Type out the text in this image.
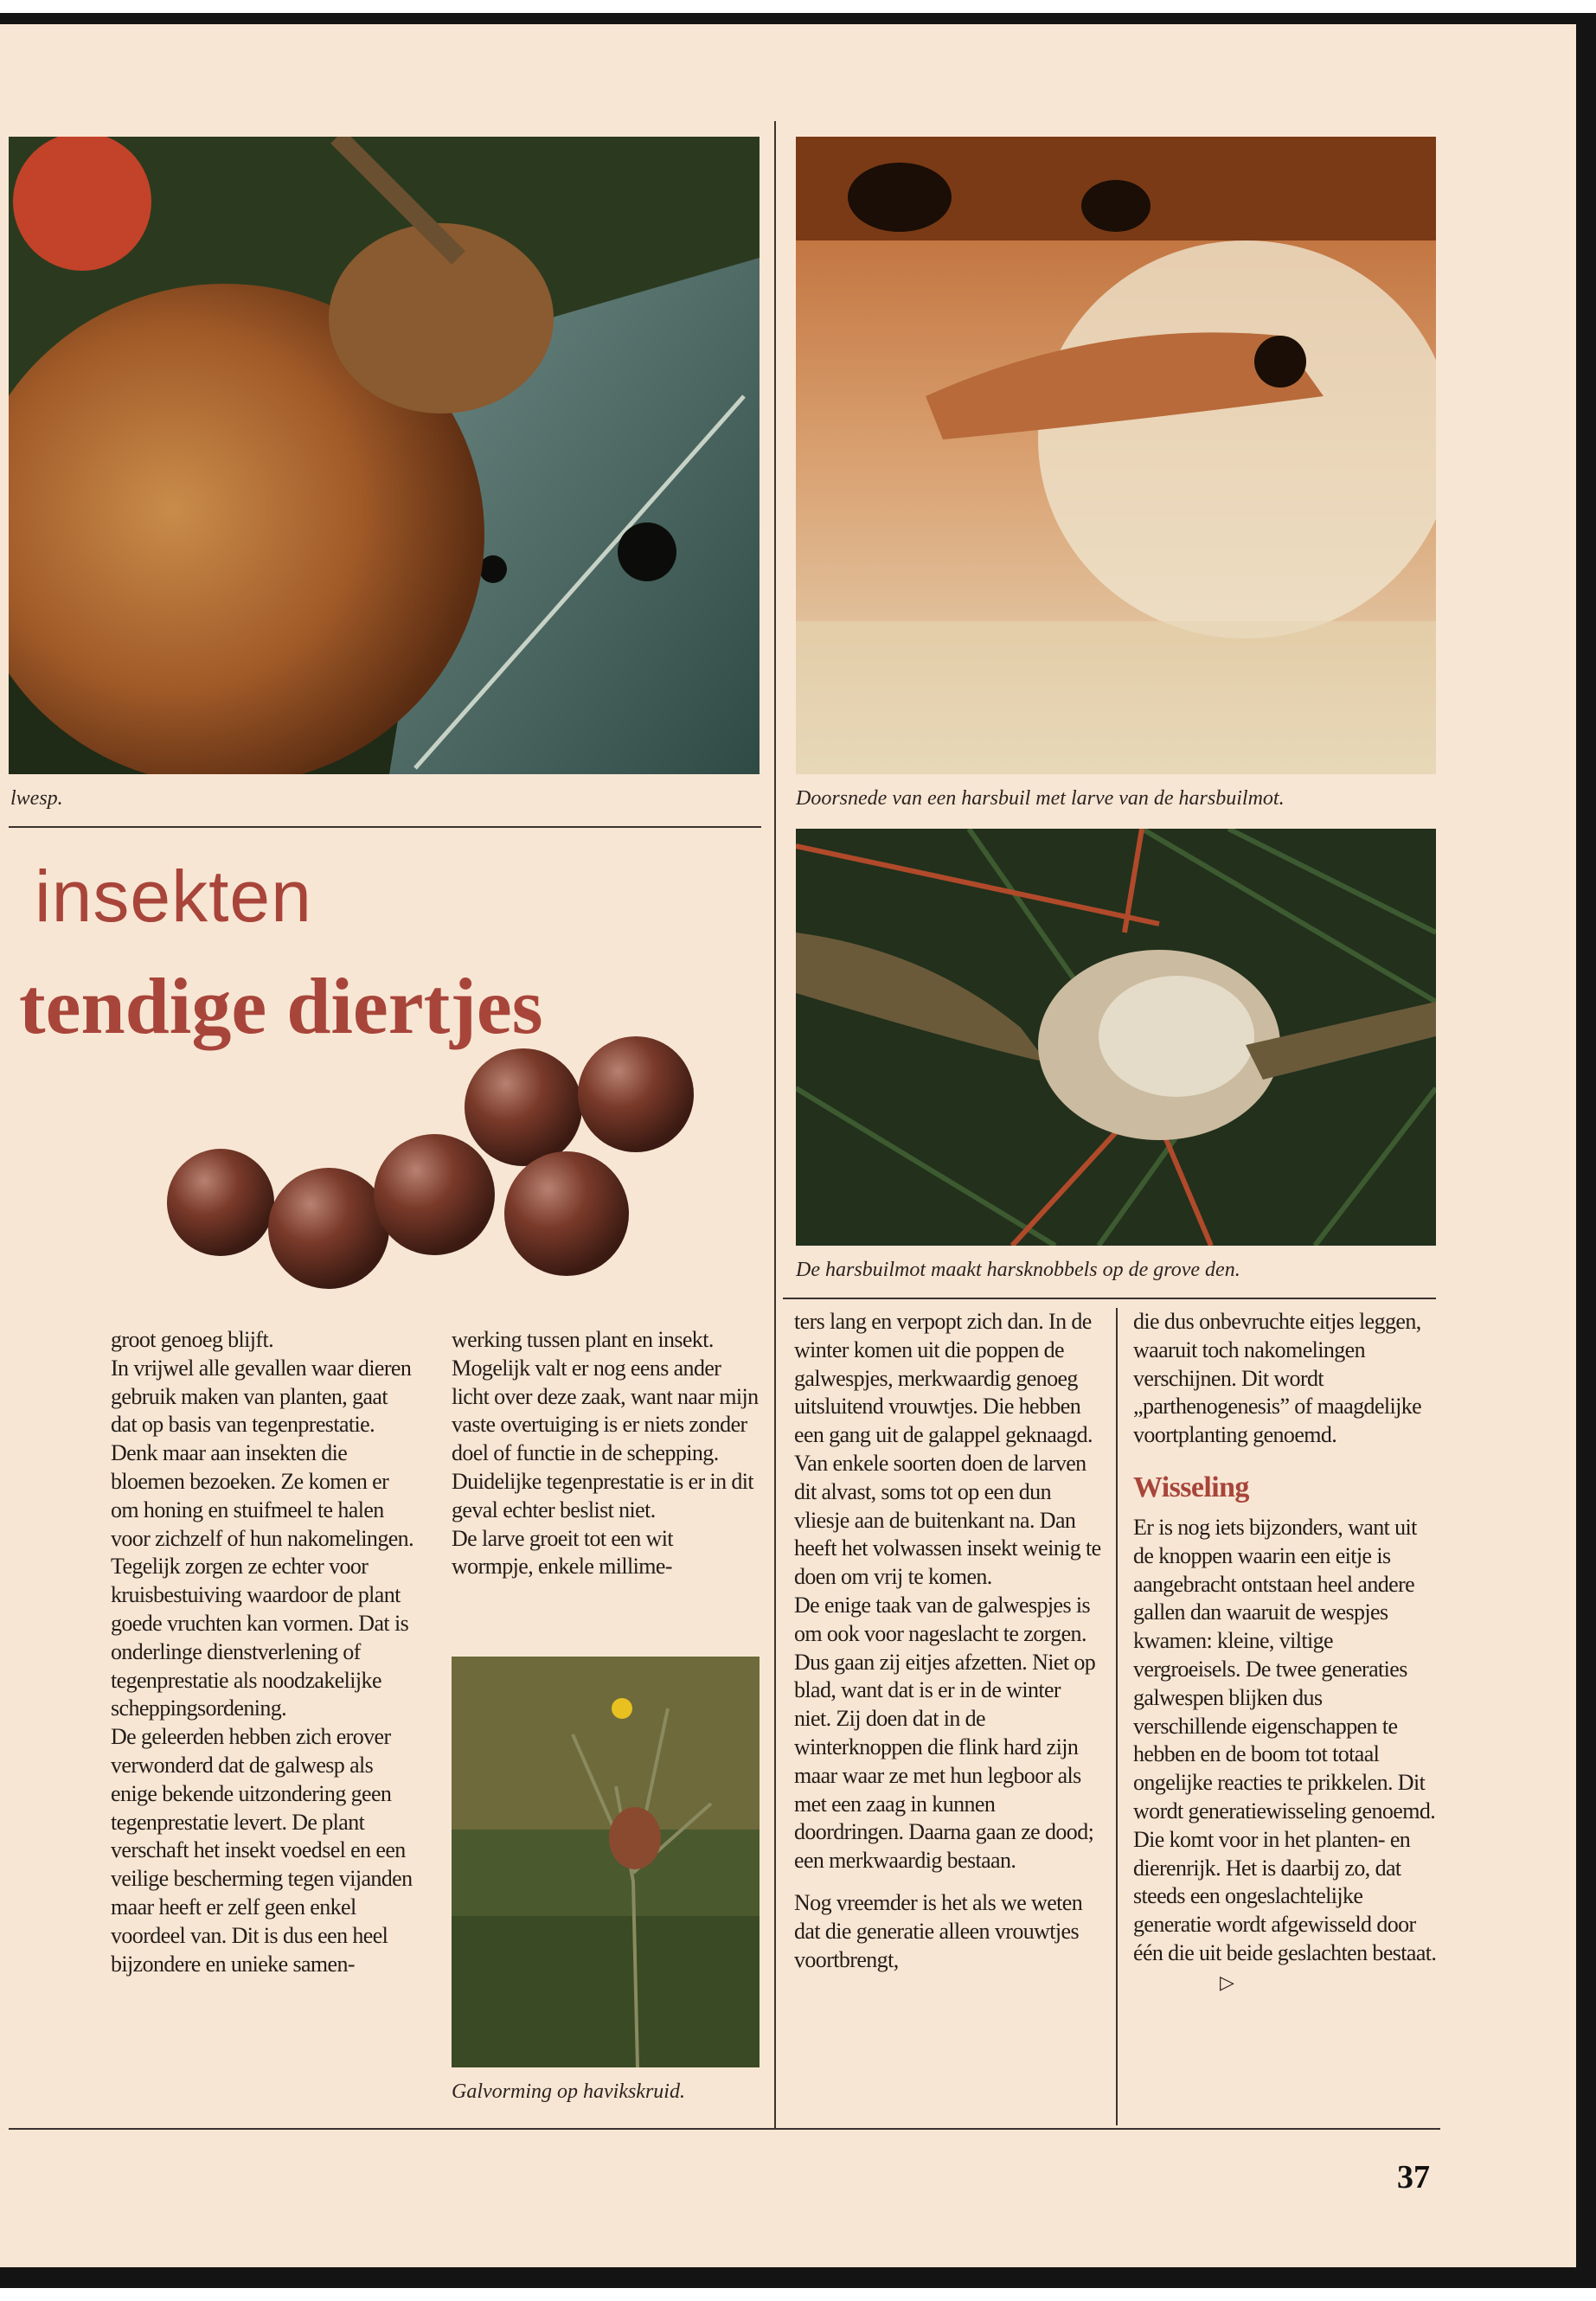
lwesp.	Doorsnede van een harsbuil met larve van de harsbuilmot.
De harsbuilmot maakt harsknobbels op de grove den.
insekten
tendige diertjes

groot genoeg blijft.

In vrijwel alle gevallen waar dieren gebruik maken van planten, gaat dat op basis van tegenprestatie. Denk maar aan insekten die bloemen bezoeken. Ze komen er om honing en stuifmeel te halen voor zichzelf of hun nakomelingen. Tegelijk zorgen ze echter voor kruisbestuiving waardoor de plant goede vruchten kan vormen. Dat is onderlinge dienstverlening of tegenprestatie als noodzakelijke scheppingsordening.

De geleerden hebben zich erover verwonderd dat de galwesp als enige bekende uitzondering geen tegenprestatie levert. De plant verschaft het insekt voedsel en een veilige bescherming tegen vijanden maar heeft er zelf geen enkel voordeel van. Dit is dus een heel bijzondere en unieke samen-

werking tussen plant en insekt. Mogelijk valt er nog eens ander licht over deze zaak, want naar mijn vaste overtuiging is er niets zonder doel of functie in de schepping. Duidelijke tegenprestatie is er in dit geval echter beslist niet.

De larve groeit tot een wit wormpje, enkele millime-

Galvorming op havikskruid.

ters lang en verpopt zich dan. In de winter komen uit die poppen de galwespjes, merkwaardig genoeg uitsluitend vrouwtjes. Die hebben een gang uit de galappel geknaagd. Van enkele soorten doen de larven dit alvast, soms tot op een dun vliesje aan de buitenkant na. Dan heeft het volwassen insekt weinig te doen om vrij te komen.

De enige taak van de galwespjes is om ook voor nageslacht te zorgen. Dus gaan zij eitjes afzetten. Niet op blad, want dat is er in de winter niet. Zij doen dat in de winterknoppen die flink hard zijn maar waar ze met hun legboor als met een zaag in kunnen doordringen. Daarna gaan ze dood; een merkwaardig bestaan.

Nog vreemder is het als we weten dat die generatie alleen vrouwtjes voortbrengt,

die dus onbevruchte eitjes leggen, waaruit toch nakomelingen verschijnen. Dit wordt „parthenogenesis” of maagdelijke voortplanting genoemd.

Wisseling

Er is nog iets bijzonders, want uit de knoppen waarin een eitje is aangebracht ontstaan heel andere gallen dan waaruit de wespjes kwamen: kleine, viltige vergroeisels. De twee generaties galwespen blijken dus verschillende eigenschappen te hebben en de boom tot totaal ongelijke reacties te prikkelen. Dit wordt generatiewisseling genoemd. Die komt voor in het planten- en dierenrijk. Het is daarbij zo, dat steeds een ongeslachtelijke generatie wordt afgewisseld door één die uit beide geslachten bestaat.▷

37
